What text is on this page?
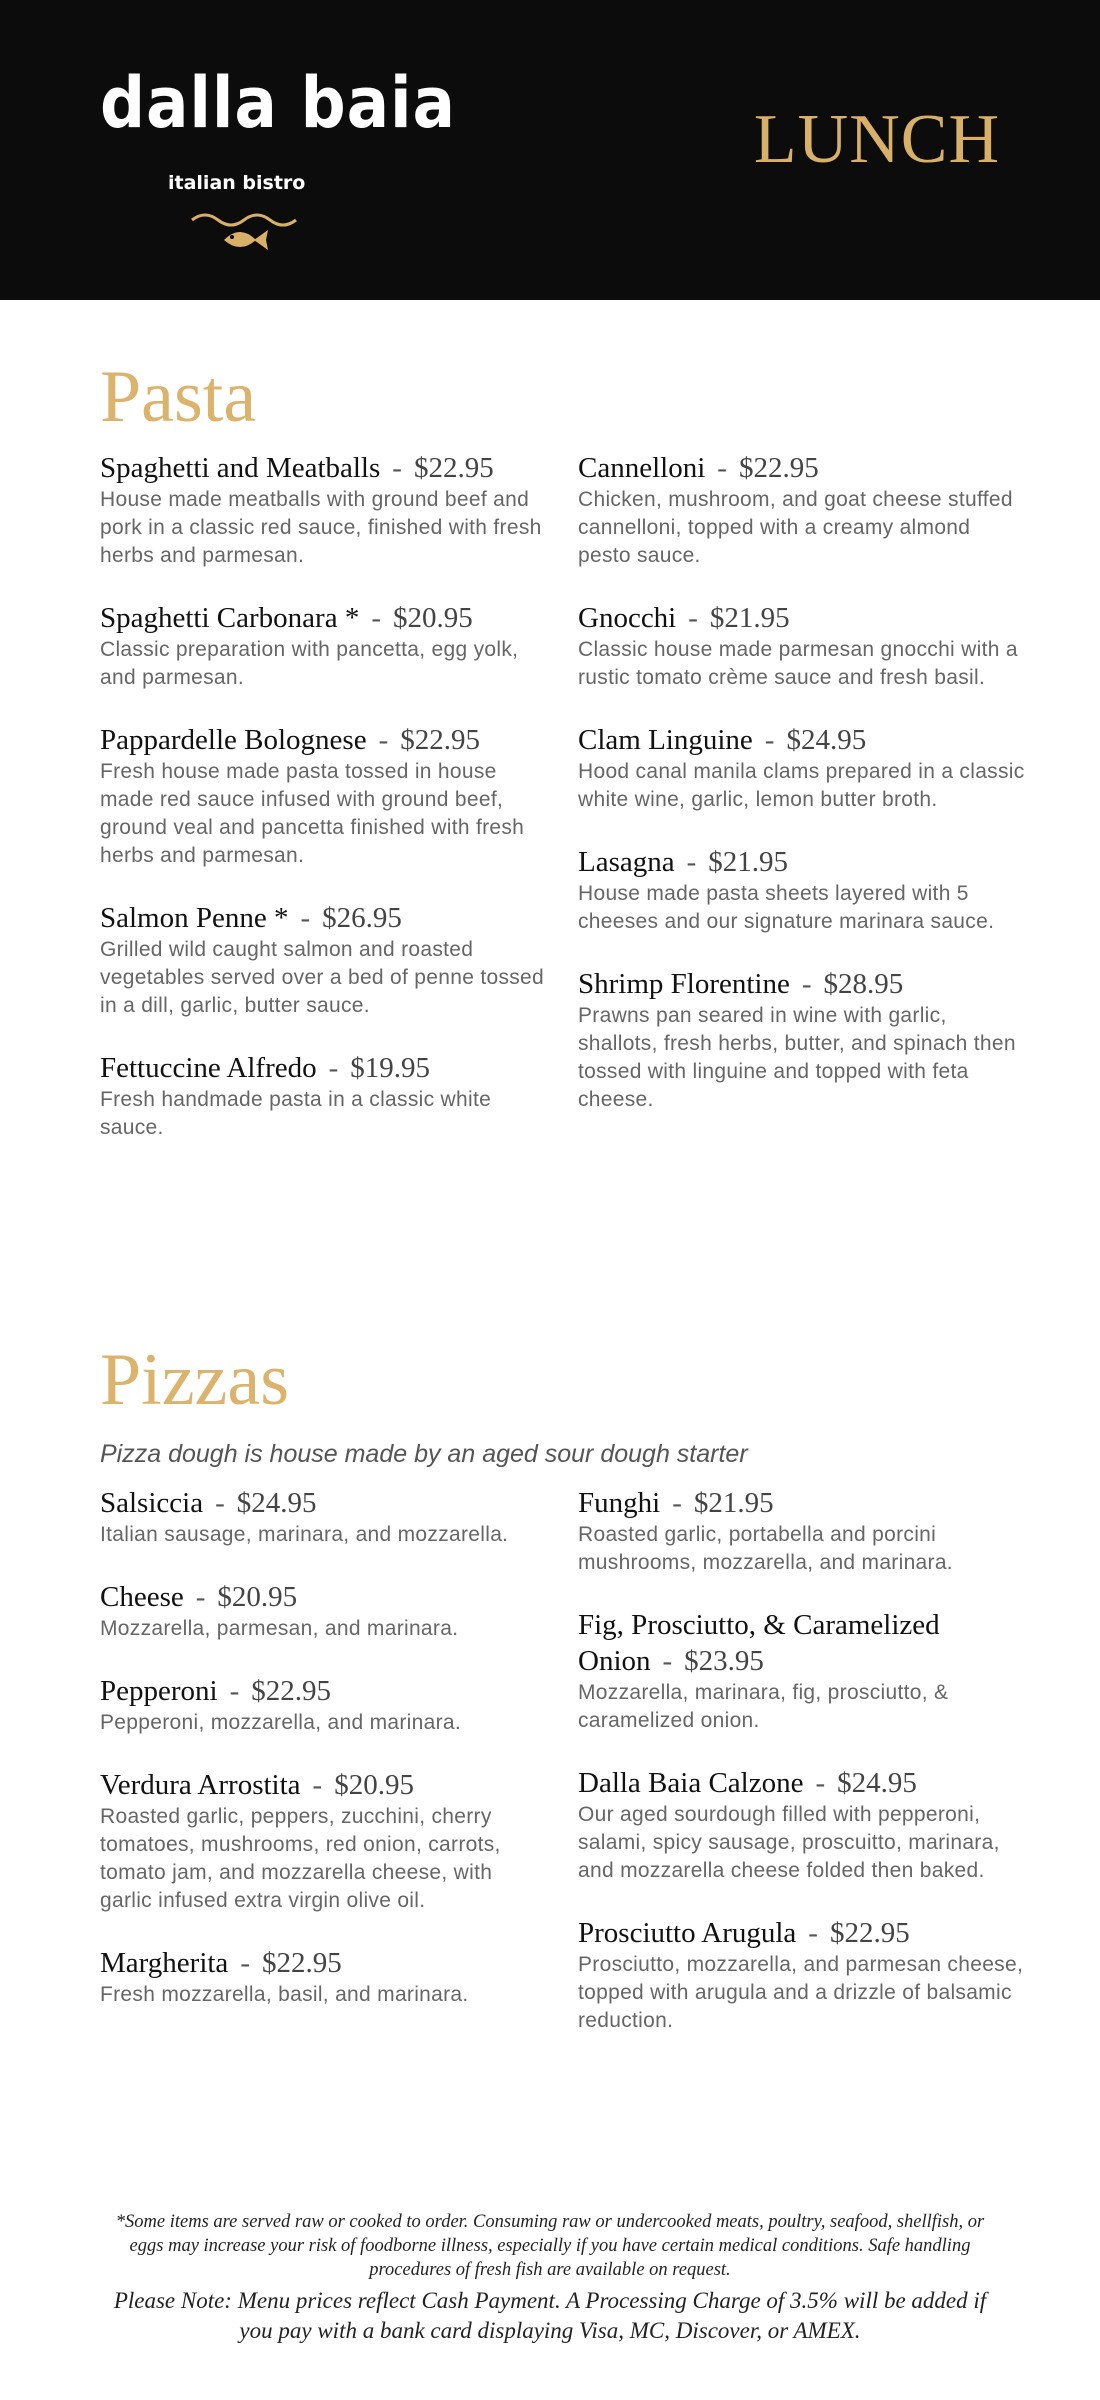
dalla baia
italian bistro
LUNCH
Pasta
Spaghetti and Meatballs - $22.95
House made meatballs with ground beef and pork in a classic red sauce, finished with fresh herbs and parmesan.
Spaghetti Carbonara * - $20.95
Classic preparation with pancetta, egg yolk, and parmesan.
Pappardelle Bolognese - $22.95
Fresh house made pasta tossed in house made red sauce infused with ground beef, ground veal and pancetta finished with fresh herbs and parmesan.
Salmon Penne * - $26.95
Grilled wild caught salmon and roasted vegetables served over a bed of penne tossed in a dill, garlic, butter sauce.
Fettuccine Alfredo - $19.95
Fresh handmade pasta in a classic white sauce.
Cannelloni - $22.95
Chicken, mushroom, and goat cheese stuffed cannelloni, topped with a creamy almond pesto sauce.
Gnocchi - $21.95
Classic house made parmesan gnocchi with a rustic tomato crème sauce and fresh basil.
Clam Linguine - $24.95
Hood canal manila clams prepared in a classic white wine, garlic, lemon butter broth.
Lasagna - $21.95
House made pasta sheets layered with 5 cheeses and our signature marinara sauce.
Shrimp Florentine - $28.95
Prawns pan seared in wine with garlic, shallots, fresh herbs, butter, and spinach then tossed with linguine and topped with feta cheese.
Pizzas
Pizza dough is house made by an aged sour dough starter
Salsiccia - $24.95
Italian sausage, marinara, and mozzarella.
Cheese - $20.95
Mozzarella, parmesan, and marinara.
Pepperoni - $22.95
Pepperoni, mozzarella, and marinara.
Verdura Arrostita - $20.95
Roasted garlic, peppers, zucchini, cherry tomatoes, mushrooms, red onion, carrots, tomato jam, and mozzarella cheese, with garlic infused extra virgin olive oil.
Margherita - $22.95
Fresh mozzarella, basil, and marinara.
Funghi - $21.95
Roasted garlic, portabella and porcini mushrooms, mozzarella, and marinara.
Fig, Prosciutto, & Caramelized Onion - $23.95
Mozzarella, marinara, fig, prosciutto, & caramelized onion.
Dalla Baia Calzone - $24.95
Our aged sourdough filled with pepperoni, salami, spicy sausage, proscuitto, marinara, and mozzarella cheese folded then baked.
Prosciutto Arugula - $22.95
Prosciutto, mozzarella, and parmesan cheese, topped with arugula and a drizzle of balsamic reduction.
*Some items are served raw or cooked to order. Consuming raw or undercooked meats, poultry, seafood, shellfish, or eggs may increase your risk of foodborne illness, especially if you have certain medical conditions. Safe handling procedures of fresh fish are available on request.
Please Note: Menu prices reflect Cash Payment. A Processing Charge of 3.5% will be added if you pay with a bank card displaying Visa, MC, Discover, or AMEX.
